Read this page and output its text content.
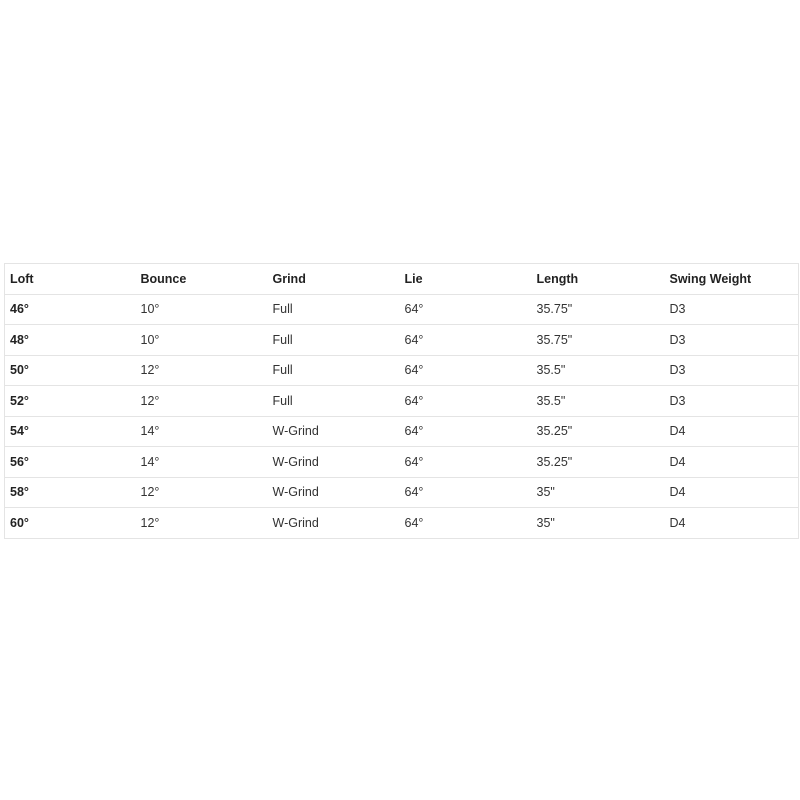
Loft	Bounce	Grind	Lie	Length	Swing Weight
46°	10°	Full	64°	35.75"	D3
48°	10°	Full	64°	35.75"	D3
50°	12°	Full	64°	35.5"	D3
52°	12°	Full	64°	35.5"	D3
54°	14°	W-Grind	64°	35.25"	D4
56°	14°	W-Grind	64°	35.25"	D4
58°	12°	W-Grind	64°	35"	D4
60°	12°	W-Grind	64°	35"	D4
